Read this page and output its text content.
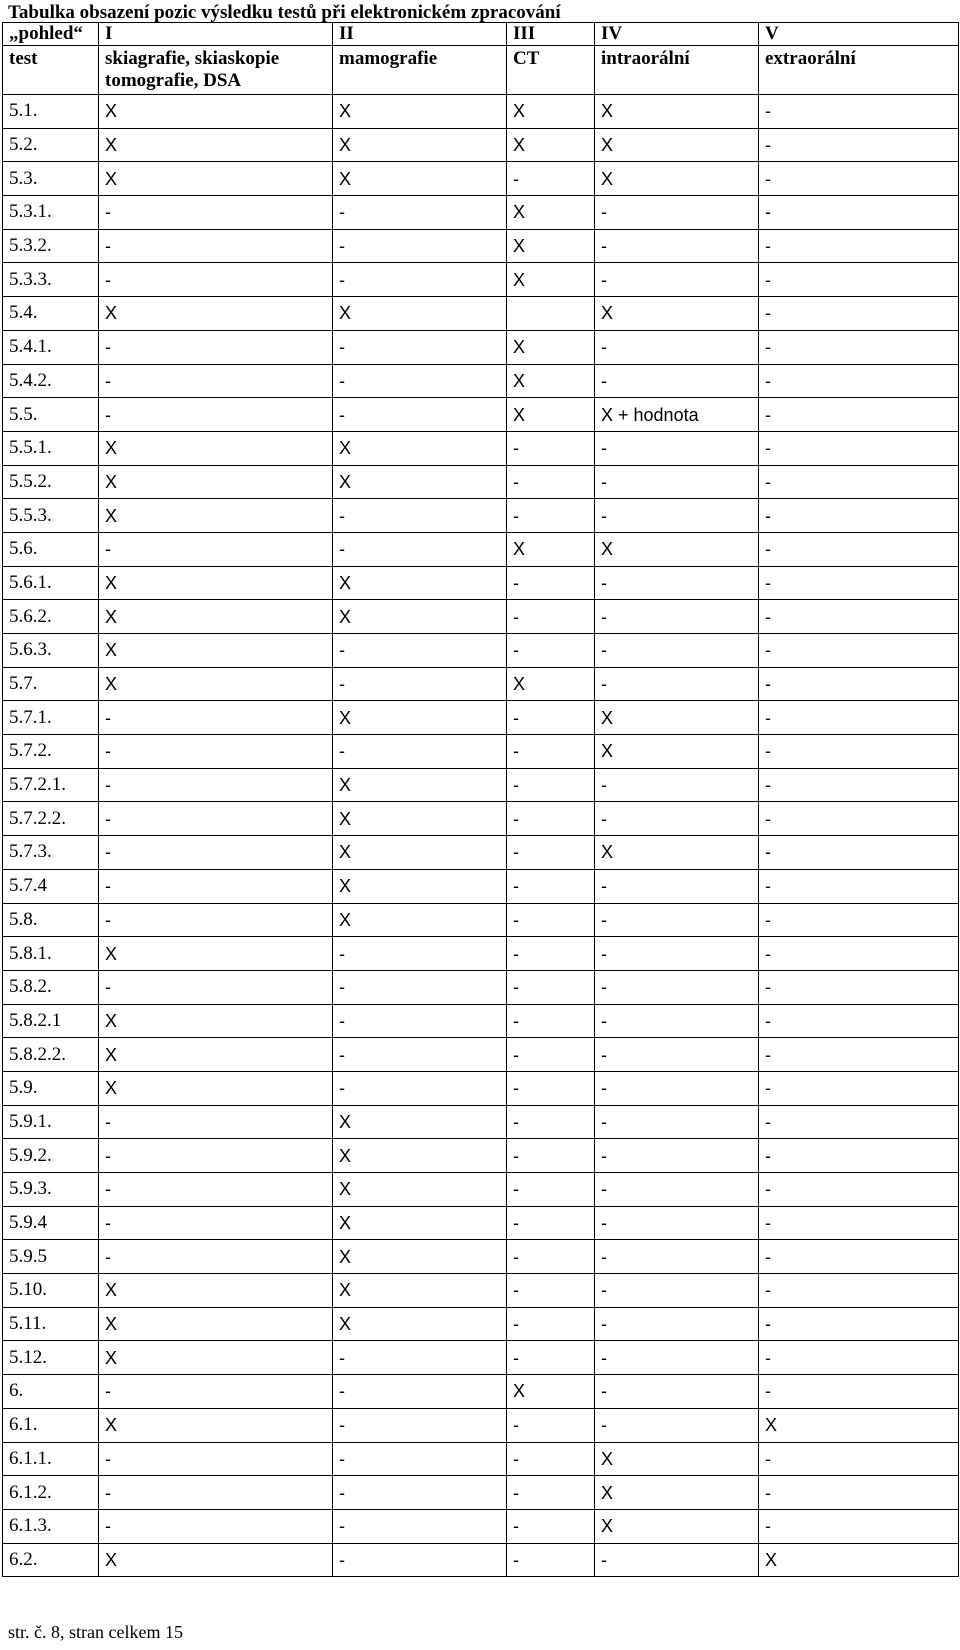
Tabulka obsazení pozic výsledku testů při elektronickém zpracování
„pohled“	I	II	III	IV	V
test	skiagrafie, skiaskopie tomografie, DSA	mamografie	CT	intraorální	extraorální
5.1.	X	X	X	X	-
5.2.	X	X	X	X	-
5.3.	X	X	-	X	-
5.3.1.	-	-	X	-	-
5.3.2.	-	-	X	-	-
5.3.3.	-	-	X	-	-
5.4.	X	X		X	-
5.4.1.	-	-	X	-	-
5.4.2.	-	-	X	-	-
5.5.	-	-	X	X + hodnota	-
5.5.1.	X	X	-	-	-
5.5.2.	X	X	-	-	-
5.5.3.	X	-	-	-	-
5.6.	-	-	X	X	-
5.6.1.	X	X	-	-	-
5.6.2.	X	X	-	-	-
5.6.3.	X	-	-	-	-
5.7.	X	-	X	-	-
5.7.1.	-	X	-	X	-
5.7.2.	-	-	-	X	-
5.7.2.1.	-	X	-	-	-
5.7.2.2.	-	X	-	-	-
5.7.3.	-	X	-	X	-
5.7.4	-	X	-	-	-
5.8.	-	X	-	-	-
5.8.1.	X	-	-	-	-
5.8.2.	-	-	-	-	-
5.8.2.1	X	-	-	-	-
5.8.2.2.	X	-	-	-	-
5.9.	X	-	-	-	-
5.9.1.	-	X	-	-	-
5.9.2.	-	X	-	-	-
5.9.3.	-	X	-	-	-
5.9.4	-	X	-	-	-
5.9.5	-	X	-	-	-
5.10.	X	X	-	-	-
5.11.	X	X	-	-	-
5.12.	X	-	-	-	-
6.	-	-	X	-	-
6.1.	X	-	-	-	X
6.1.1.	-	-	-	X	-
6.1.2.	-	-	-	X	-
6.1.3.	-	-	-	X	-
6.2.	X	-	-	-	X
str. č. 8, stran celkem 15
